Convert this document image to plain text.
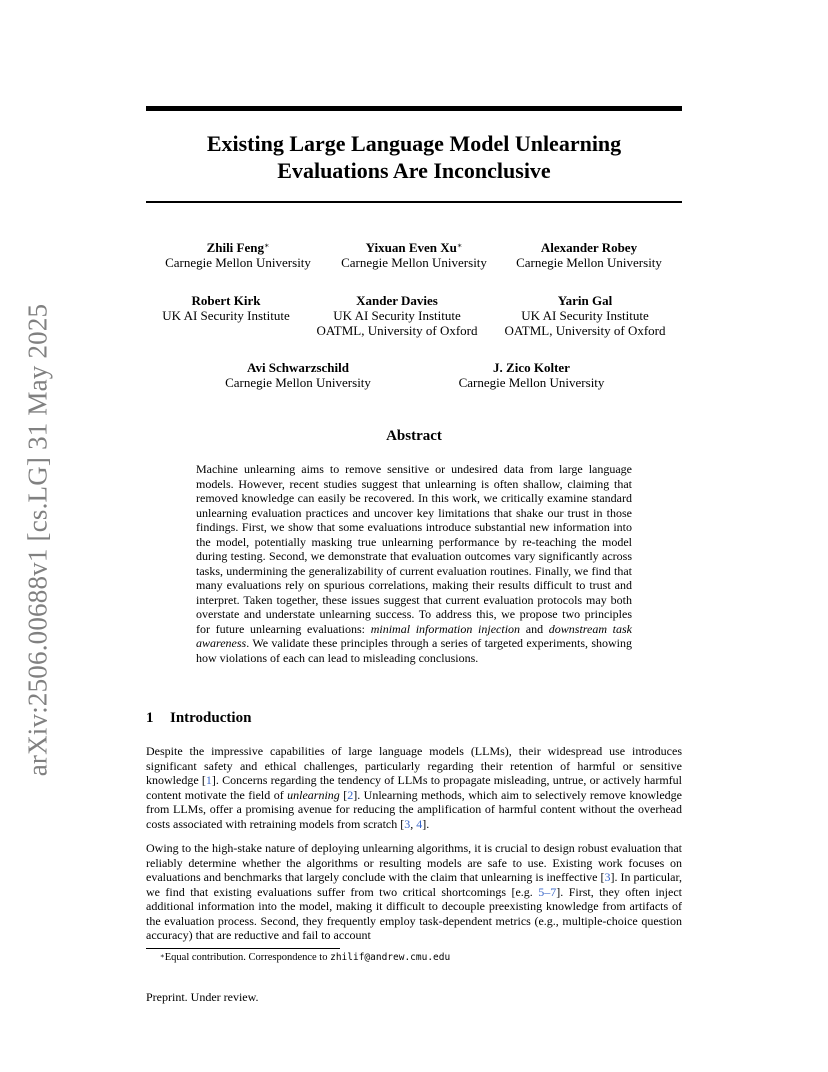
arXiv:2506.00688v1 [cs.LG] 31 May 2025
Existing Large Language Model Unlearning
Evaluations Are Inconclusive
Zhili Feng∗
Carnegie Mellon University
Yixuan Even Xu∗
Carnegie Mellon University
Alexander Robey
Carnegie Mellon University
Robert Kirk
UK AI Security Institute
Xander Davies
UK AI Security Institute
OATML, University of Oxford
Yarin Gal
UK AI Security Institute
OATML, University of Oxford
Avi Schwarzschild
Carnegie Mellon University
J. Zico Kolter
Carnegie Mellon University
Abstract

Machine unlearning aims to remove sensitive or undesired data from large language models. However, recent studies suggest that unlearning is often shallow, claiming that removed knowledge can easily be recovered. In this work, we critically examine standard unlearning evaluation practices and uncover key limitations that shake our trust in those findings. First, we show that some evaluations introduce substantial new information into the model, potentially masking true unlearning performance by re-teaching the model during testing. Second, we demonstrate that evaluation outcomes vary significantly across tasks, undermining the generalizability of current evaluation routines. Finally, we find that many evaluations rely on spurious correlations, making their results difficult to trust and interpret. Taken together, these issues suggest that current evaluation protocols may both overstate and understate unlearning success. To address this, we propose two principles for future unlearning evaluations: minimal information injection and downstream task awareness. We validate these principles through a series of targeted experiments, showing how violations of each can lead to misleading conclusions.

1 Introduction

Despite the impressive capabilities of large language models (LLMs), their widespread use introduces significant safety and ethical challenges, particularly regarding their retention of harmful or sensitive knowledge [1]. Concerns regarding the tendency of LLMs to propagate misleading, untrue, or actively harmful content motivate the field of unlearning [2]. Unlearning methods, which aim to selectively remove knowledge from LLMs, offer a promising avenue for reducing the amplification of harmful content without the overhead costs associated with retraining models from scratch [3, 4].

Owing to the high-stake nature of deploying unlearning algorithms, it is crucial to design robust evaluation that reliably determine whether the algorithms or resulting models are safe to use. Existing work focuses on evaluations and benchmarks that largely conclude with the claim that unlearning is ineffective [3]. In particular, we find that existing evaluations suffer from two critical shortcomings [e.g. 5–7]. First, they often inject additional information into the model, making it difficult to decouple preexisting knowledge from artifacts of the evaluation process. Second, they frequently employ task-dependent metrics (e.g., multiple-choice question accuracy) that are reductive and fail to account

∗Equal contribution. Correspondence to zhilif@andrew.cmu.edu
Preprint. Under review.
